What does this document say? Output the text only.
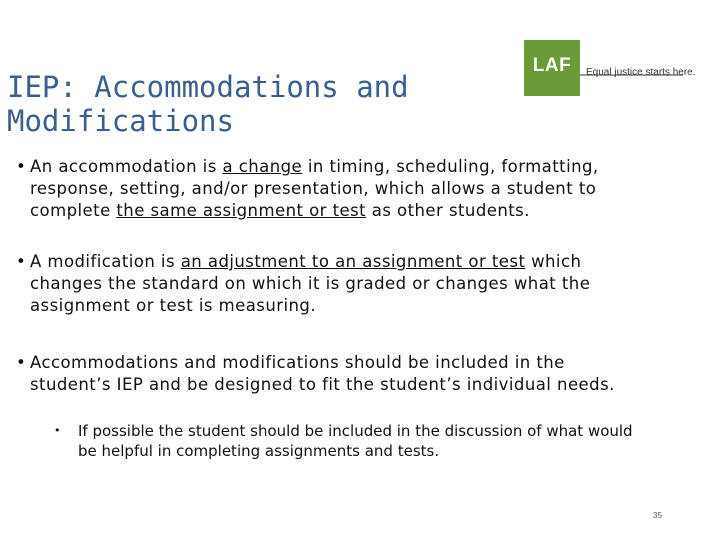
IEP: Accommodations and Modifications
LAF	Equal justice starts here.
• An accommodation is a change in timing, scheduling, formatting, response, setting, and/or presentation, which allows a student to complete the same assignment or test as other students.
• A modification is an adjustment to an assignment or test which changes the standard on which it is graded or changes what the assignment or test is measuring.
• Accommodations and modifications should be included in the student’s IEP and be designed to fit the student’s individual needs.
• If possible the student should be included in the discussion of what would be helpful in completing assignments and tests.
35
